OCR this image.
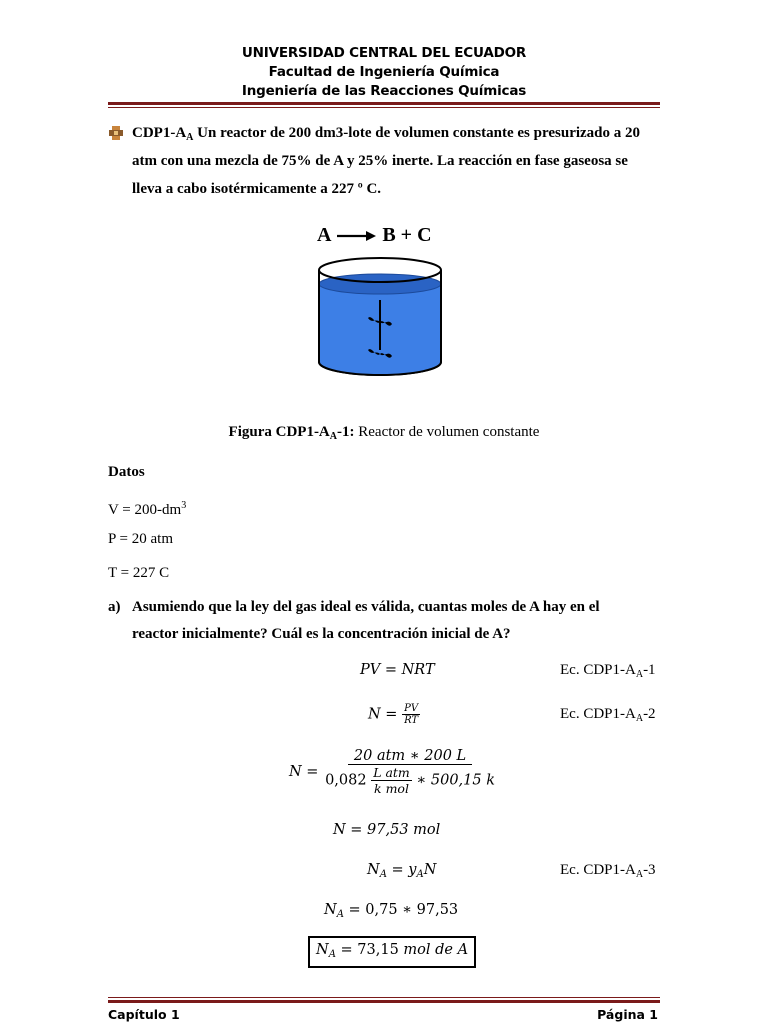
UNIVERSIDAD CENTRAL DEL ECUADOR
Facultad de Ingeniería Química
Ingeniería de las Reacciones Químicas
$CDP1-A_A$ Un reactor de 200 dm3-lote de volumen constante es presurizado a 20
atm con una mezcla de 75% de A y 25% inerte. La reacción en fase gaseosa se
lleva a cabo isotérmicamente a 227 º C.
A → B + C
Figura $CDP1-A_A-1$: Reactor de volumen constante
Datos
$V = 200-dm^3$
P = 20 atm
T = 227 C
a) Asumiendo que la ley del gas ideal es válida, cuantas moles de A hay en el
reactor inicialmente? Cuál es la concentración inicial de A?
PV = NRT	Ec. $CDP1-A_A-1$
$N = \frac{PV}{RT}$	Ec. $CDP1-A_A-2$
$N = \frac{\text{20 atm ∗ 200 L}}{0,082 \frac{\text{L atm}}{\text{k mol}} ∗ 500,15 k}$
N = 97,53 mol
$N_A = y_AN$	Ec. $CDP1-A_A-3$
$N_A = 0,75$ ∗ 97,53
$N_A = 73,15$ mol de A
Capítulo 1	Página 1
